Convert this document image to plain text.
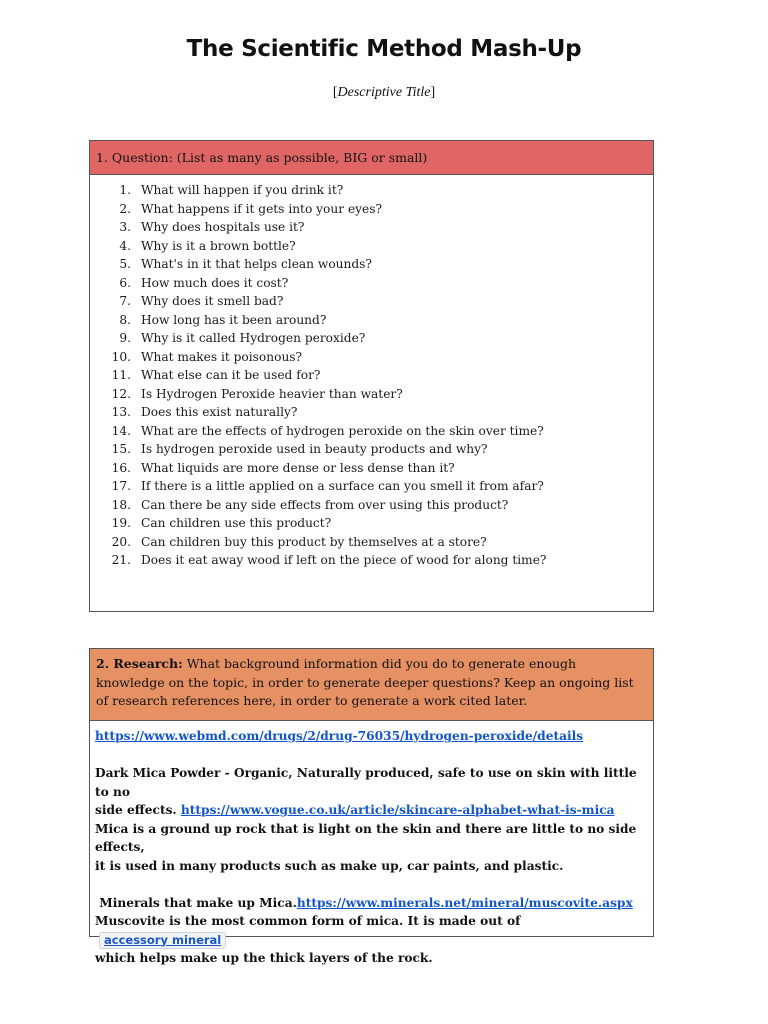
The Scientific Method Mash-Up
[Descriptive Title]
1. Question: (List as many as possible, BIG or small)
1. What will happen if you drink it?
2. What happens if it gets into your eyes?
3. Why does hospitals use it?
4. Why is it a brown bottle?
5. What's in it that helps clean wounds?
6. How much does it cost?
7. Why does it smell bad?
8. How long has it been around?
9. Why is it called Hydrogen peroxide?
10. What makes it poisonous?
11. What else can it be used for?
12. Is Hydrogen Peroxide heavier than water?
13. Does this exist naturally?
14. What are the effects of hydrogen peroxide on the skin over time?
15. Is hydrogen peroxide used in beauty products and why?
16. What liquids are more dense or less dense than it?
17. If there is a little applied on a surface can you smell it from afar?
18. Can there be any side effects from over using this product?
19. Can children use this product?
20. Can children buy this product by themselves at a store?
21. Does it eat away wood if left on the piece of wood for along time?
2. Research: What background information did you do to generate enough knowledge on the topic, in order to generate deeper questions? Keep an ongoing list of research references here, in order to generate a work cited later.

https://www.webmd.com/drugs/2/drug-76035/hydrogen-peroxide/details

Dark Mica Powder - Organic, Naturally produced, safe to use on skin with little to no

side effects. https://www.vogue.co.uk/article/skincare-alphabet-what-is-mica

Mica is a ground up rock that is light on the skin and there are little to no side effects,

it is used in many products such as make up, car paints, and plastic.

Minerals that make up Mica.https://www.minerals.net/mineral/muscovite.aspx

Muscovite is the most common form of mica. It is made out of accessory mineral

which helps make up the thick layers of the rock.
